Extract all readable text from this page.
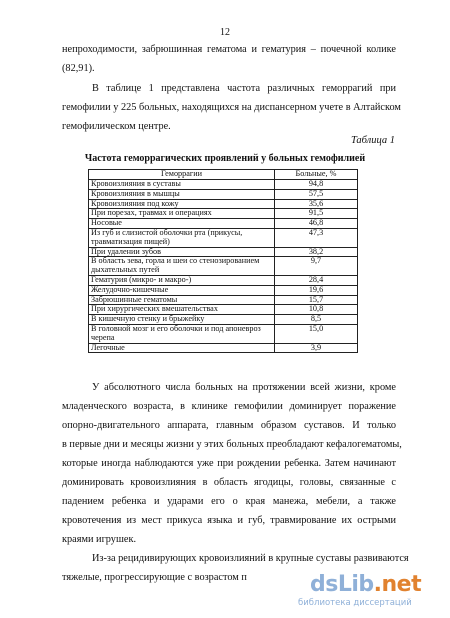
12
непроходимости, забрюшинная гематома и гематурия – почечной колике
(82,91).
В таблице 1 представлена частота различных геморрагий при
гемофилии у 225 больных, находящихся на диспансерном учете в Алтайском
гемофилическом центре.
Таблица 1
Частота геморрагических проявлений у больных гемофилией
Геморрагии	Больные, %
Кровоизлияния в суставы	94,8
Кровоизлияния в мышцы	57,5
Кровоизлияния под кожу	35,6
При порезах, травмах и операциях	91,5
Носовые	46,8
Из губ и слизистой оболочки рта (прикусы, травматизация пищей)	47,3
При удалении зубов	38,2
В область зева, горла и шеи со стенозированием дыхательных путей	9,7
Гематурия (микро- и макро-)	28,4
Желудочно-кишечные	19,6
Забрюшинные гематомы	15,7
При хирургических вмешательствах	10,8
В кишечную стенку и брыжейку	8,5
В головной мозг и его оболочки и под апоневроз черепа	15,0
Легочные	3,9
У абсолютного числа больных на протяжении всей жизни, кроме
младенческого возраста, в клинике гемофилии доминирует поражение
опорно-двигательного аппарата, главным образом суставов. И только
в первые дни и месяцы жизни у этих больных преобладают кефалогематомы,
которые иногда наблюдаются уже при рождении ребенка. Затем начинают
доминировать кровоизлияния в область ягодицы, головы, связанные с
падением ребенка и ударами его о края манежа, мебели, а также
кровотечения из мест прикуса языка и губ, травмирование их острыми
краями игрушек.
Из-за рецидивирующих кровоизлияний в крупные суставы развиваются
тяжелые, прогрессирующие с возрастом п	dsLib.net
библиотека диссертаций
